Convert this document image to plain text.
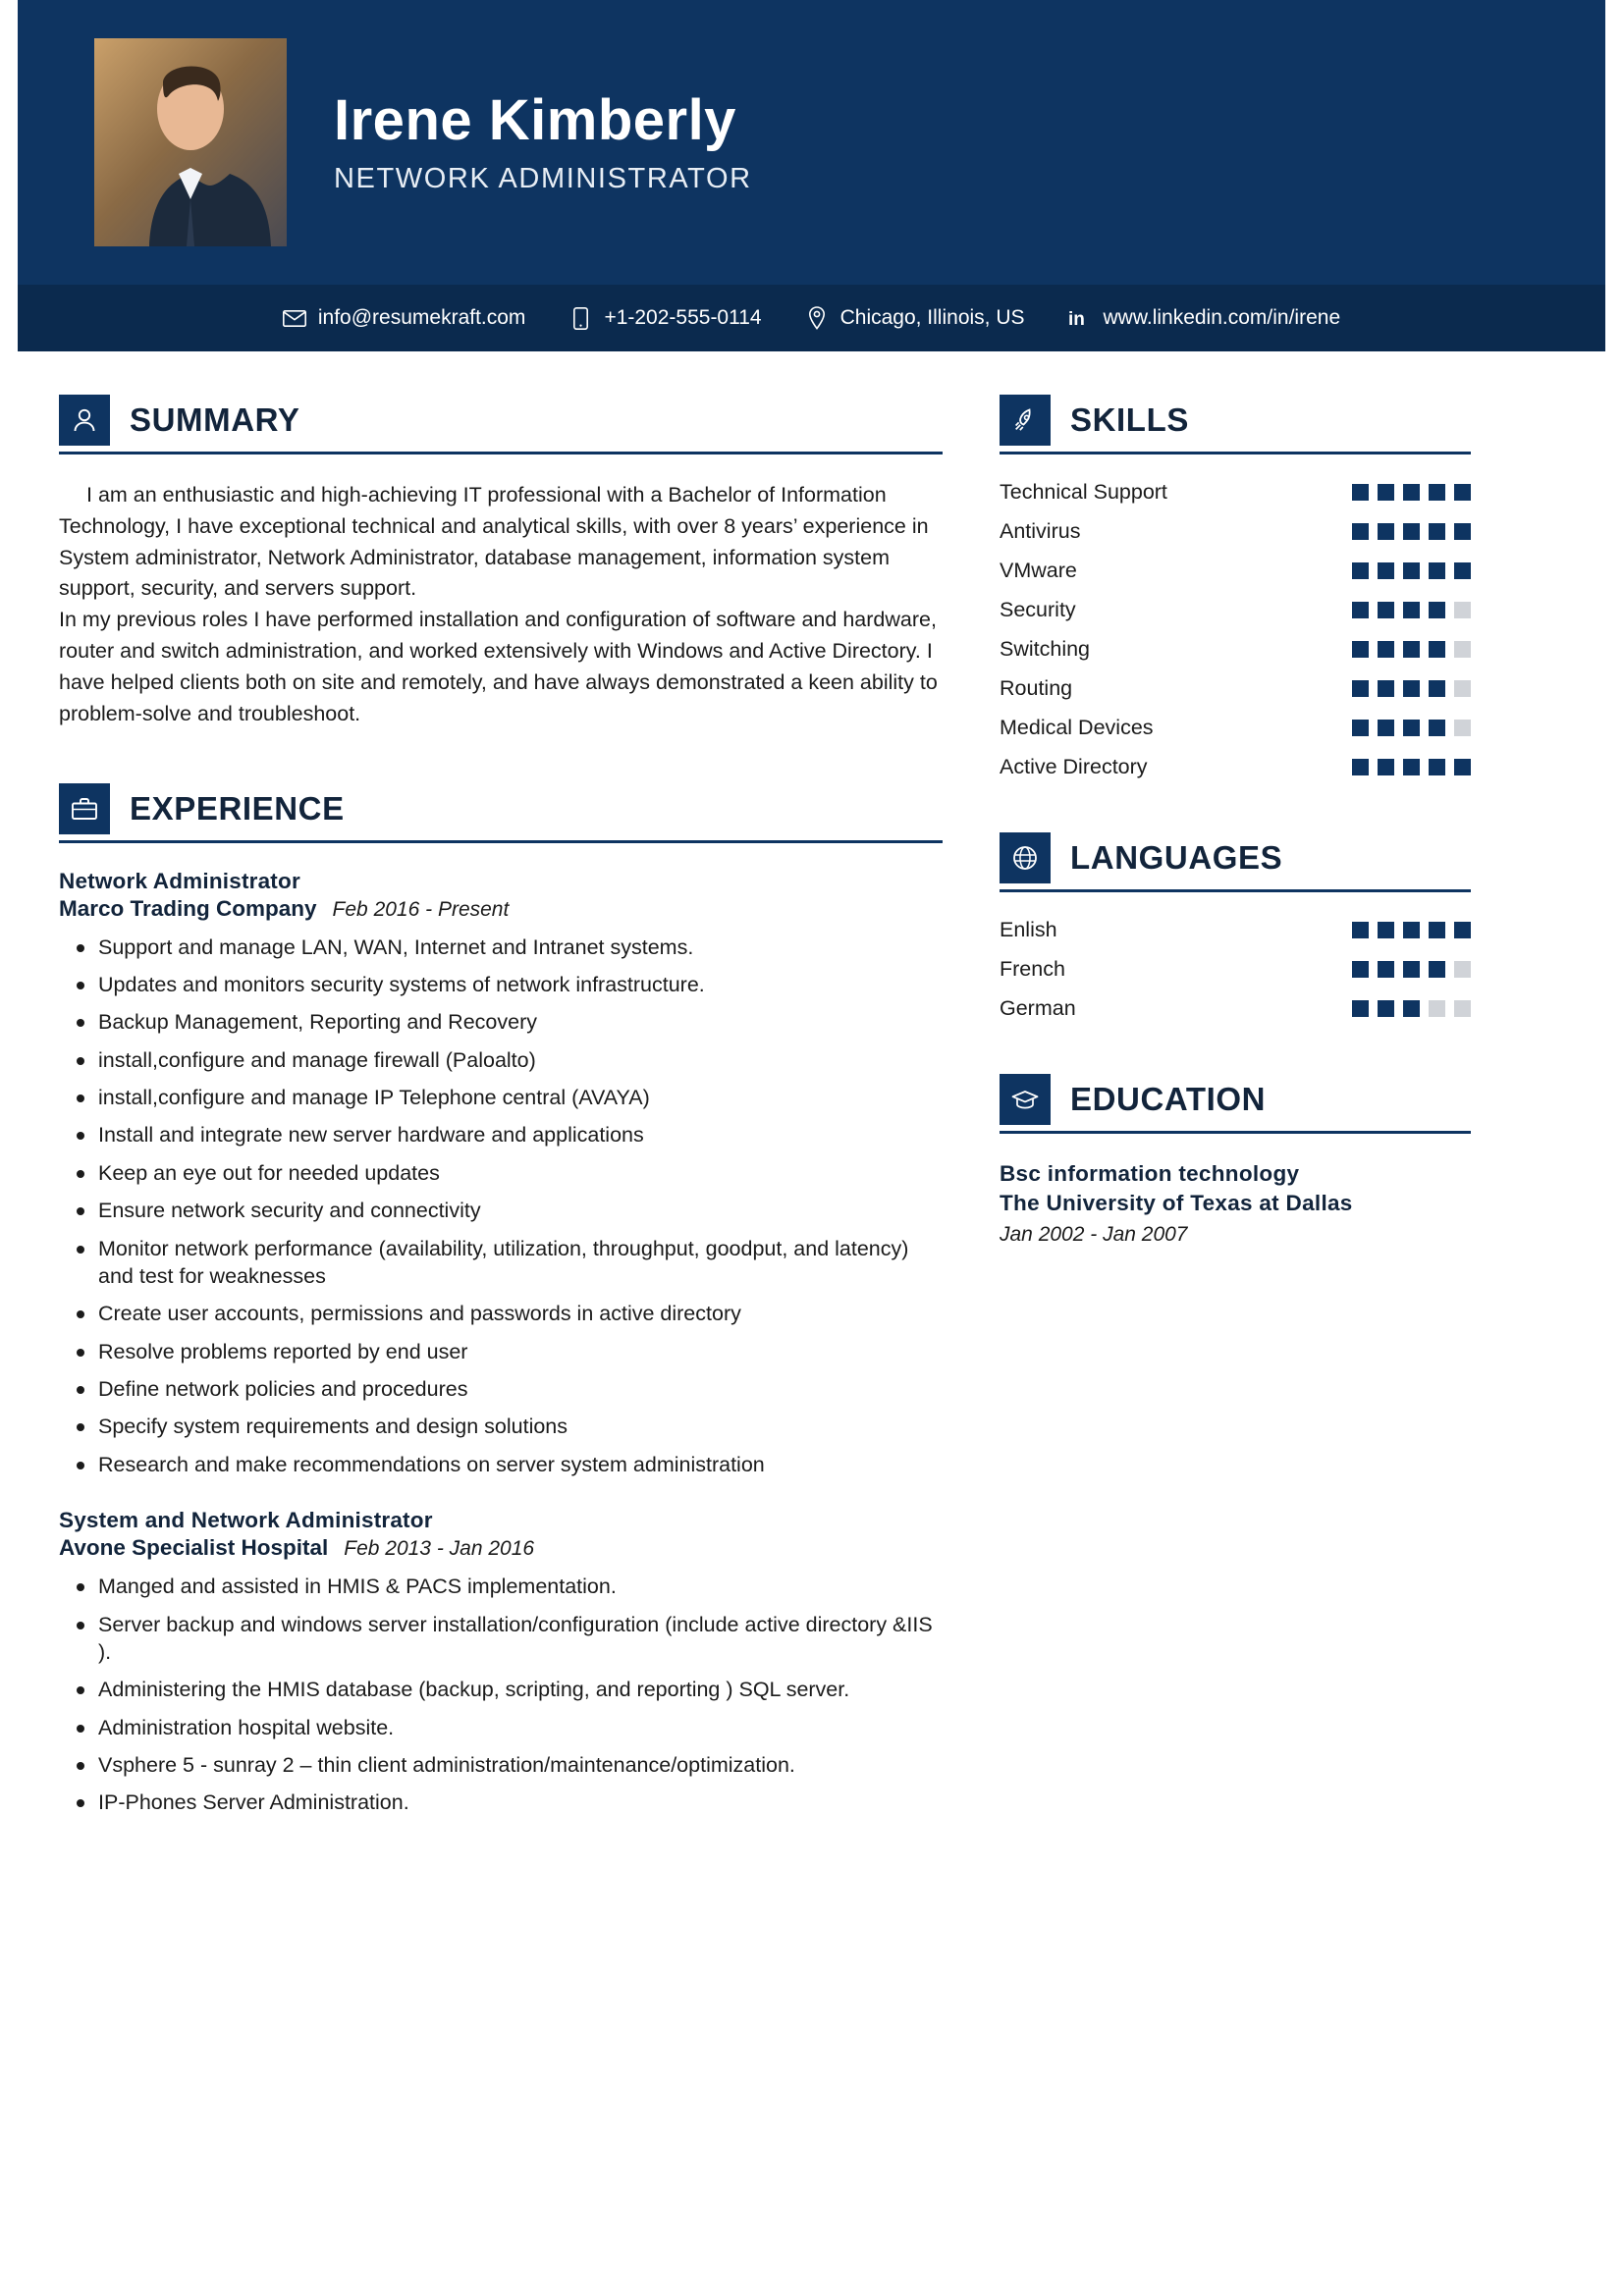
Irene Kimberly
NETWORK ADMINISTRATOR
info@resumekraft.com	+1-202-555-0114	Chicago, Illinois, US in www.linkedin.com/in/irene
SUMMARY

I am an enthusiastic and high-achieving IT professional with a Bachelor of Information Technology, I have exceptional technical and analytical skills, with over 8 years’ experience in System administrator, Network Administrator, database management, information system support, security, and servers support.

In my previous roles I have performed installation and configuration of software and hardware, router and switch administration, and worked extensively with Windows and Active Directory. I have helped clients both on site and remotely, and have always demonstrated a keen ability to problem-solve and troubleshoot.

EXPERIENCE
Network Administrator
Marco Trading Company Feb 2016 - Present
Support and manage LAN, WAN, Internet and Intranet systems.
Updates and monitors security systems of network infrastructure.
Backup Management, Reporting and Recovery
install,configure and manage firewall (Paloalto)
install,configure and manage IP Telephone central (AVAYA)
Install and integrate new server hardware and applications
Keep an eye out for needed updates
Ensure network security and connectivity
Monitor network performance (availability, utilization, throughput, goodput, and latency) and test for weaknesses
Create user accounts, permissions and passwords in active directory
Resolve problems reported by end user
Define network policies and procedures
Specify system requirements and design solutions
Research and make recommendations on server system administration
System and Network Administrator
Avone Specialist Hospital Feb 2013 - Jan 2016
Manged and assisted in HMIS & PACS implementation.
Server backup and windows server installation/configuration (include active directory &IIS ).
Administering the HMIS database (backup, scripting, and reporting ) SQL server.
Administration hospital website.
Vsphere 5 - sunray 2 – thin client administration/maintenance/optimization.
IP-Phones Server Administration.
SKILLS
Technical Support
Antivirus
VMware
Security
Switching
Routing
Medical Devices
Active Directory
LANGUAGES
Enlish
French
German
EDUCATION
Bsc information technology
The University of Texas at Dallas
Jan 2002 - Jan 2007
